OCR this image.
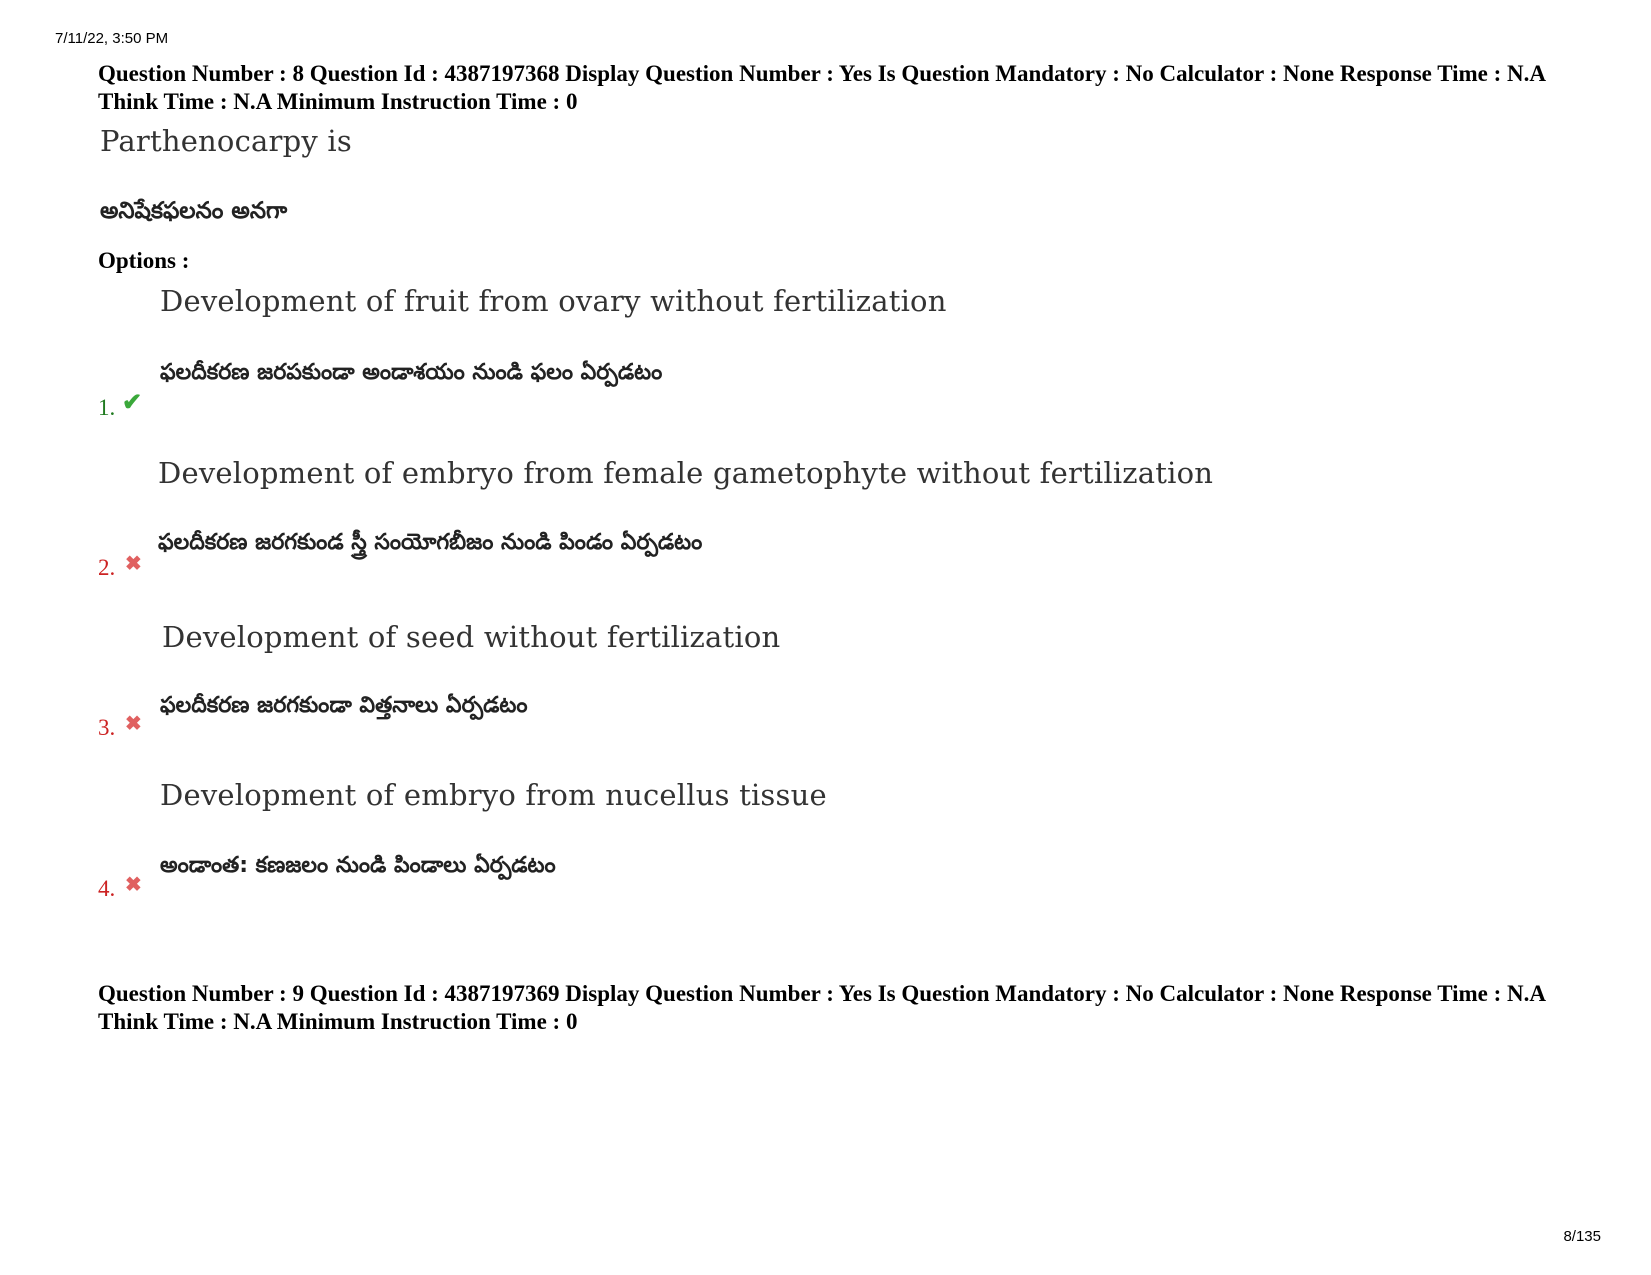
7/11/22, 3:50 PM
Question Number : 8 Question Id : 4387197368 Display Question Number : Yes Is Question Mandatory : No Calculator : None Response Time : N.A Think Time : N.A Minimum Instruction Time : 0
Parthenocarpy is
అనిషేకఫలనం అనగా
Options :
Development of fruit from ovary without fertilization
ఫలదీకరణ జరపకుండా అండాశయం నుండి ఫలం ఏర్పడటం
1. ✔
Development of embryo from female gametophyte without fertilization
ఫలదీకరణ జరగకుండ స్త్రీ సంయోగబీజం నుండి పిండం ఏర్పడటం
2. ✖
Development of seed without fertilization
ఫలదీకరణ జరగకుండా విత్తనాలు ఏర్పడటం
3. ✖
Development of embryo from nucellus tissue
అండాంత: కణజలం నుండి పిండాలు ఏర్పడటం
4. ✖
Question Number : 9 Question Id : 4387197369 Display Question Number : Yes Is Question Mandatory : No Calculator : None Response Time : N.A Think Time : N.A Minimum Instruction Time : 0
8/135
